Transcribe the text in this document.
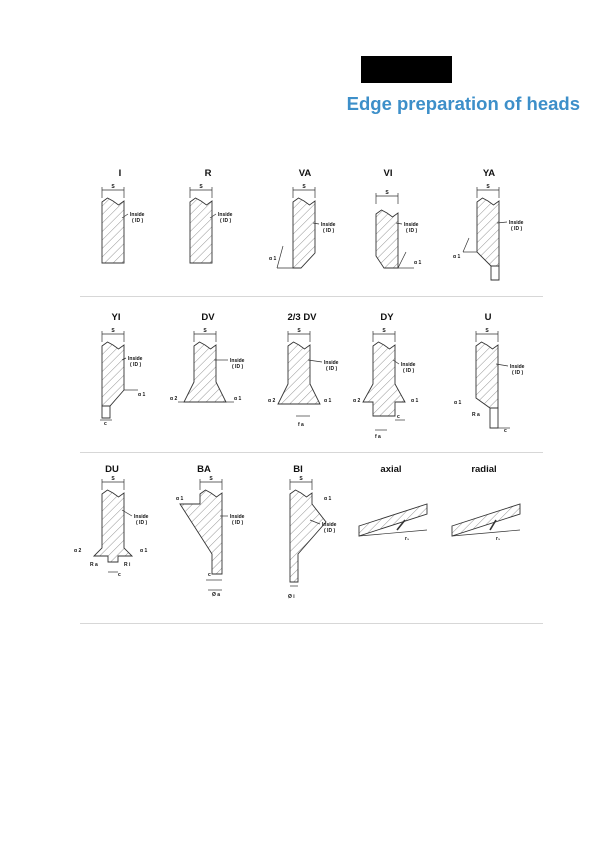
Edge preparation of heads
I
S
Inside
( ID )
R
S
Inside
( ID )
VA
S
Inside
( ID )
α 1
VI
S
Inside
( ID )
α 1
YA
S
Inside
( ID )
α 1
YI
S
Inside
( ID )
α 1
c
DV
S
Inside
( ID )
α 2	α 1
2/3 DV
S
Inside
( ID )
α 2	α 1
f a
DY
S
Inside
( ID )
α 2	α 1
c
f a
U
S
Inside
( ID )
α 1
R a
c
DU
S
Inside
( ID )
α 2	α 1
R a	R i
c
BA
S
Inside
( ID )
α 1
c
Ø a
BI
S
Inside
( ID )
α 1
Ø i
axial
r₁
radial
r₁
